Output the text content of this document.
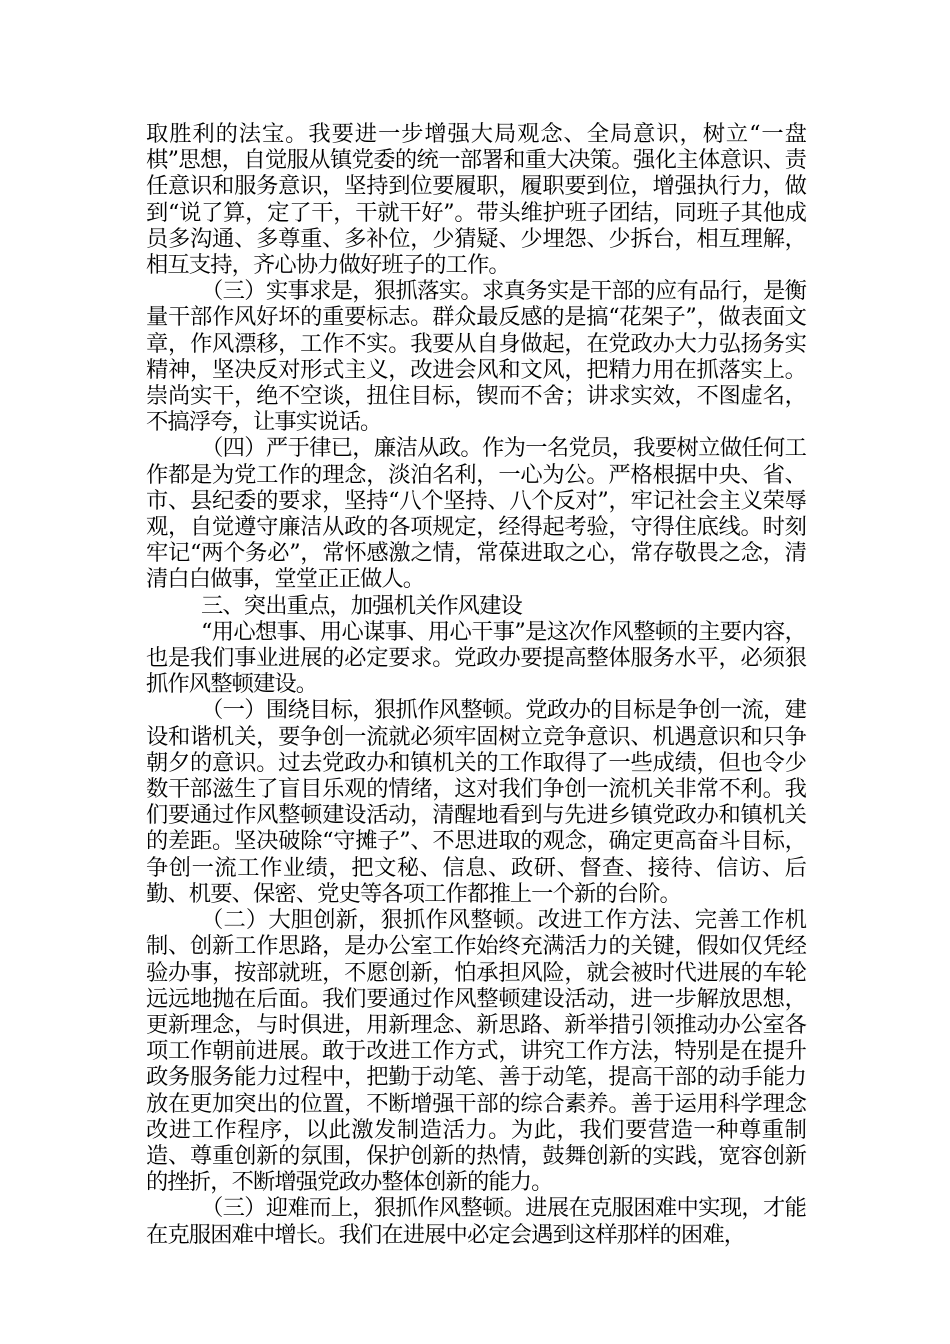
取胜利的法宝。我要进一步增强大局观念、全局意识，树立“一盘棋”思想，自觉服从镇党委的统一部署和重大决策。强化主体意识、责任意识和服务意识，坚持到位要履职，履职要到位，增强执行力，做到“说了算，定了干，干就干好”。带头维护班子团结，同班子其他成员多沟通、多尊重、多补位，少猜疑、少埋怨、少拆台，相互理解，相互支持，齐心协力做好班子的工作。

（三）实事求是，狠抓落实。求真务实是干部的应有品行，是衡量干部作风好坏的重要标志。群众最反感的是搞“花架子”，做表面文章，作风漂移，工作不实。我要从自身做起，在党政办大力弘扬务实精神，坚决反对形式主义，改进会风和文风，把精力用在抓落实上。崇尚实干，绝不空谈，扭住目标，锲而不舍；讲求实效，不图虚名，不搞浮夸，让事实说话。

（四）严于律已，廉洁从政。作为一名党员，我要树立做任何工作都是为党工作的理念，淡泊名利，一心为公。严格根据中央、省、市、县纪委的要求，坚持“八个坚持、八个反对”，牢记社会主义荣辱观，自觉遵守廉洁从政的各项规定，经得起考验，守得住底线。时刻牢记“两个务必”，常怀感激之情，常葆进取之心，常存敬畏之念，清清白白做事，堂堂正正做人。

三、突出重点，加强机关作风建设

“用心想事、用心谋事、用心干事”是这次作风整顿的主要内容，也是我们事业进展的必定要求。党政办要提高整体服务水平，必须狠抓作风整顿建设。

（一）围绕目标，狠抓作风整顿。党政办的目标是争创一流，建设和谐机关，要争创一流就必须牢固树立竞争意识、机遇意识和只争朝夕的意识。过去党政办和镇机关的工作取得了一些成绩，但也令少数干部滋生了盲目乐观的情绪，这对我们争创一流机关非常不利。我们要通过作风整顿建设活动，清醒地看到与先进乡镇党政办和镇机关的差距。坚决破除“守摊子”、不思进取的观念，确定更高奋斗目标，争创一流工作业绩，把文秘、信息、政研、督查、接待、信访、后勤、机要、保密、党史等各项工作都推上一个新的台阶。

（二）大胆创新，狠抓作风整顿。改进工作方法、完善工作机制、创新工作思路，是办公室工作始终充满活力的关键，假如仅凭经验办事，按部就班，不愿创新，怕承担风险，就会被时代进展的车轮远远地抛在后面。我们要通过作风整顿建设活动，进一步解放思想，更新理念，与时俱进，用新理念、新思路、新举措引领推动办公室各项工作朝前进展。敢于改进工作方式，讲究工作方法，特别是在提升政务服务能力过程中，把勤于动笔、善于动笔，提高干部的动手能力放在更加突出的位置，不断增强干部的综合素养。善于运用科学理念改进工作程序，以此激发制造活力。为此，我们要营造一种尊重制造、尊重创新的氛围，保护创新的热情，鼓舞创新的实践，宽容创新的挫折，不断增强党政办整体创新的能力。

（三）迎难而上，狠抓作风整顿。进展在克服困难中实现，才能在克服困难中增长。我们在进展中必定会遇到这样那样的困难，
